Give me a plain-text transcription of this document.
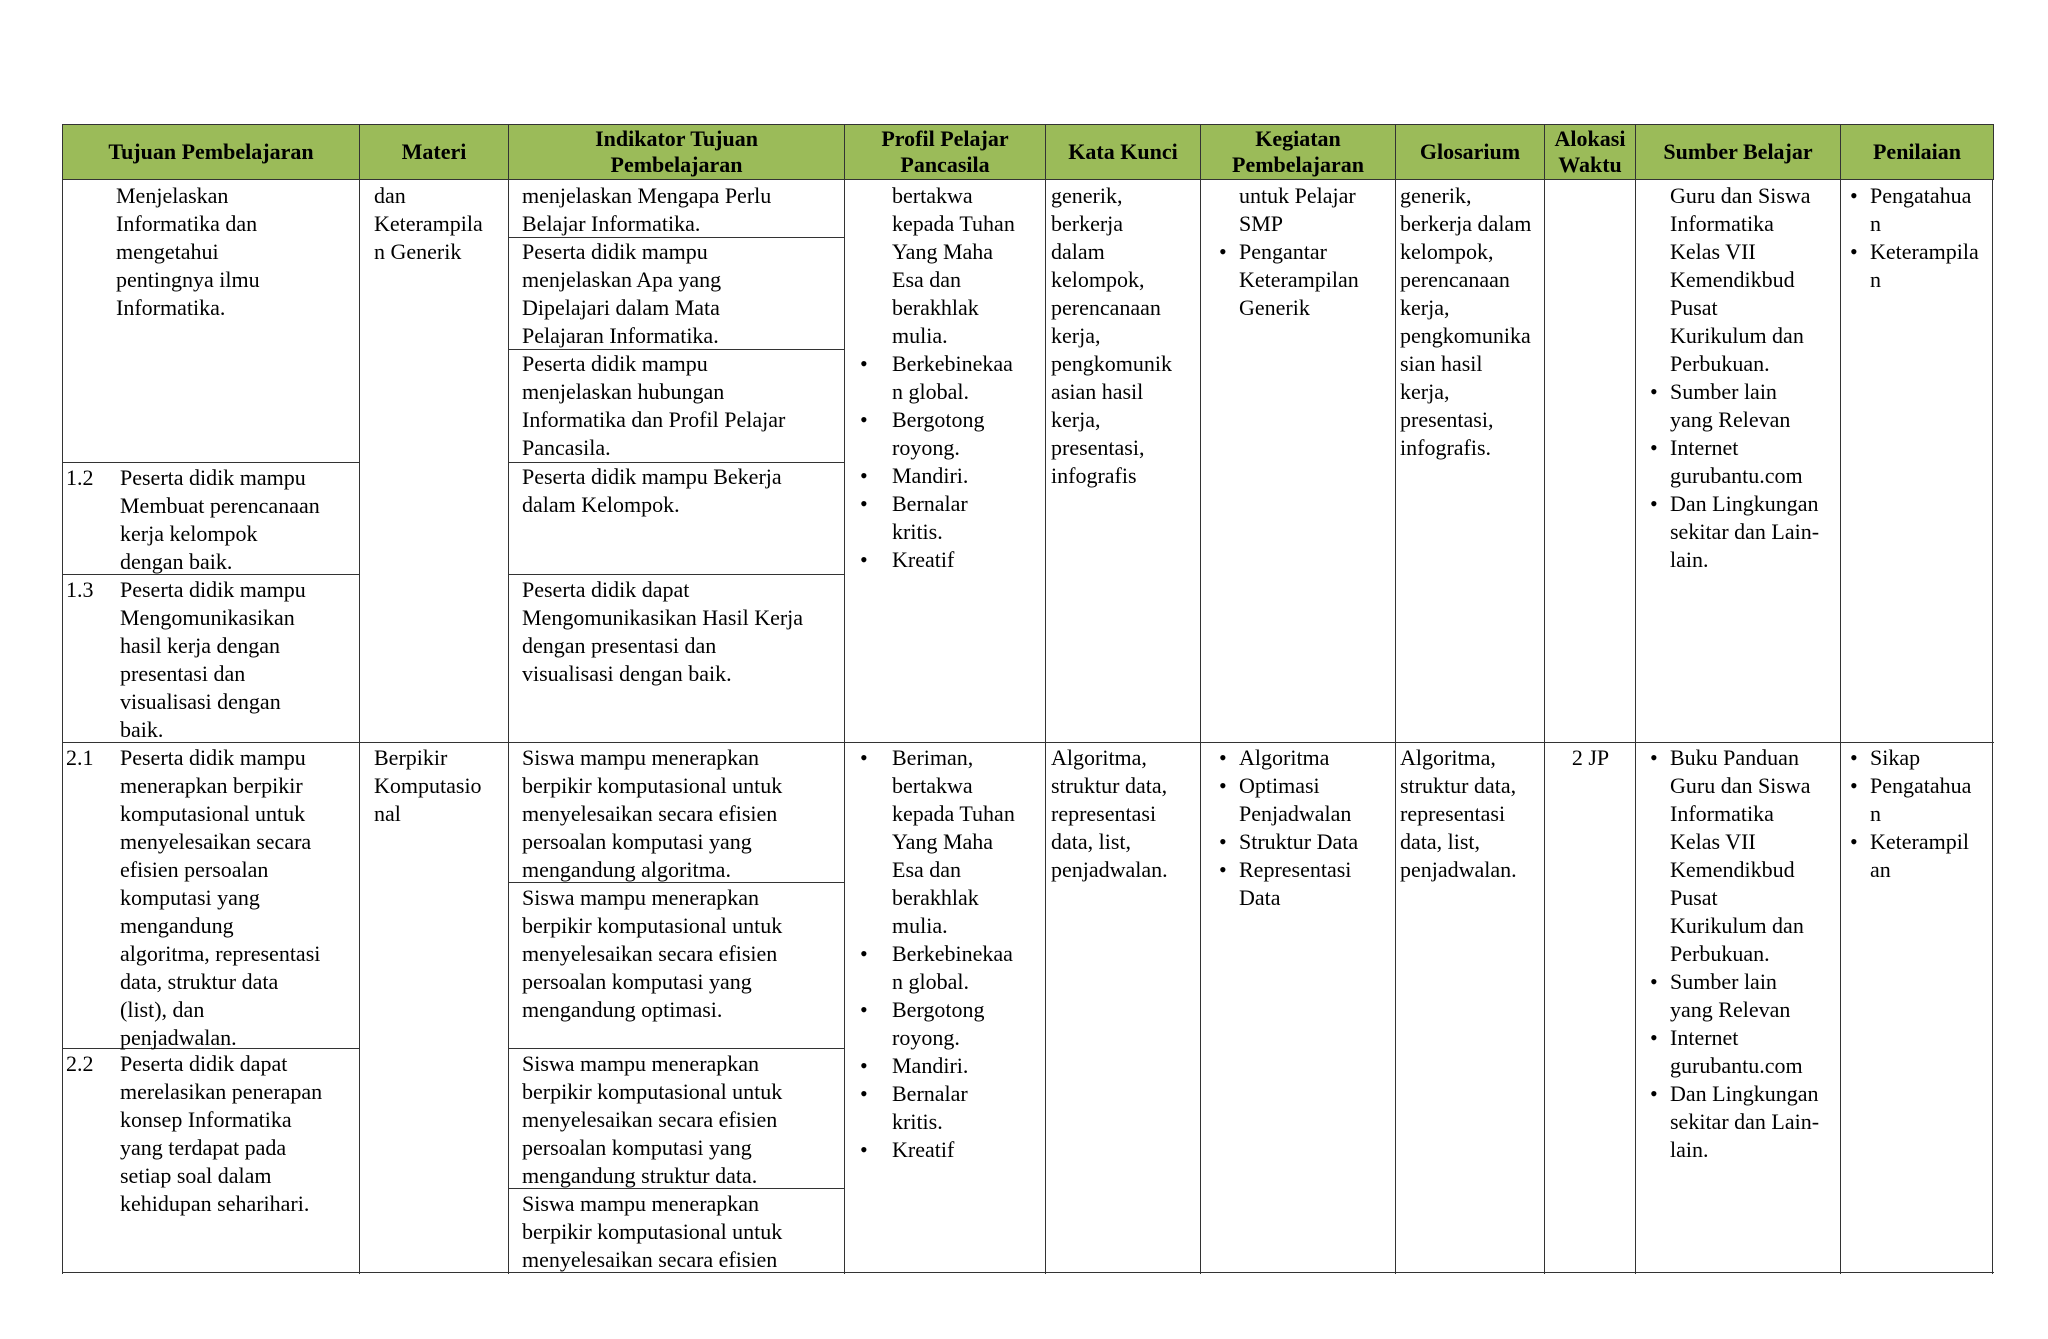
Tujuan Pembelajaran	Materi
Indikator Tujuan
Pembelajaran
Profil Pelajar
Pancasila
Kata Kunci
Kegiatan
Pembelajaran
Glosarium
Alokasi
Waktu
Sumber Belajar	Penilaian
Menjelaskan
Informatika dan
mengetahui
pentingnya ilmu
Informatika.
1.2	Peserta didik mampu
Membuat perencanaan
kerja kelompok
dengan baik.
1.3	Peserta didik mampu
Mengomunikasikan
hasil kerja dengan
presentasi dan
visualisasi dengan
baik.
dan
Keterampila
n Generik
menjelaskan Mengapa Perlu
Belajar Informatika.
Peserta didik mampu
menjelaskan Apa yang
Dipelajari dalam Mata
Pelajaran Informatika.
Peserta didik mampu
menjelaskan hubungan
Informatika dan Profil Pelajar
Pancasila.
Peserta didik mampu Bekerja
dalam Kelompok.
Peserta didik dapat
Mengomunikasikan Hasil Kerja
dengan presentasi dan
visualisasi dengan baik.
bertakwa
kepada Tuhan
Yang Maha
Esa dan
berakhlak
mulia.
• Berkebinekaa
n global.
• Bergotong
royong.
• Mandiri.
• Bernalar
kritis.
• Kreatif
generik,
berkerja
dalam
kelompok,
perencanaan
kerja,
pengkomunik
asian hasil
kerja,
presentasi,
infografis
untuk Pelajar
SMP
• Pengantar
Keterampilan
Generik
generik,
berkerja dalam
kelompok,
perencanaan
kerja,
pengkomunika
sian hasil
kerja,
presentasi,
infografis.
Guru dan Siswa
Informatika
Kelas VII
Kemendikbud
Pusat
Kurikulum dan
Perbukuan.
• Sumber lain
yang Relevan
• Internet
gurubantu.com
• Dan Lingkungan
sekitar dan Lain-
lain.
• Pengatahua
n
• Keterampila
n
2.1	Peserta didik mampu
menerapkan berpikir
komputasional untuk
menyelesaikan secara
efisien persoalan
komputasi yang
mengandung
algoritma, representasi
data, struktur data
(list), dan
penjadwalan.
2.2	Peserta didik dapat
merelasikan penerapan
konsep Informatika
yang terdapat pada
setiap soal dalam
kehidupan seharihari.
Berpikir
Komputasio
nal
Siswa mampu menerapkan
berpikir komputasional untuk
menyelesaikan secara efisien
persoalan komputasi yang
mengandung algoritma.
Siswa mampu menerapkan
berpikir komputasional untuk
menyelesaikan secara efisien
persoalan komputasi yang
mengandung optimasi.
Siswa mampu menerapkan
berpikir komputasional untuk
menyelesaikan secara efisien
persoalan komputasi yang
mengandung struktur data.
Siswa mampu menerapkan
berpikir komputasional untuk
menyelesaikan secara efisien
• Beriman,
bertakwa
kepada Tuhan
Yang Maha
Esa dan
berakhlak
mulia.
• Berkebinekaa
n global.
• Bergotong
royong.
• Mandiri.
• Bernalar
kritis.
• Kreatif
Algoritma,
struktur data,
representasi
data, list,
penjadwalan.
• Algoritma
• Optimasi
Penjadwalan
• Struktur Data
• Representasi
Data
Algoritma,
struktur data,
representasi
data, list,
penjadwalan.
2 JP
•	Buku Panduan
Guru dan Siswa
Informatika
Kelas VII
Kemendikbud
Pusat
Kurikulum dan
Perbukuan.
• Sumber lain
yang Relevan
• Internet
gurubantu.com
• Dan Lingkungan
sekitar dan Lain-
lain.
• Sikap
• Pengatahua
n
• Keterampil
an
